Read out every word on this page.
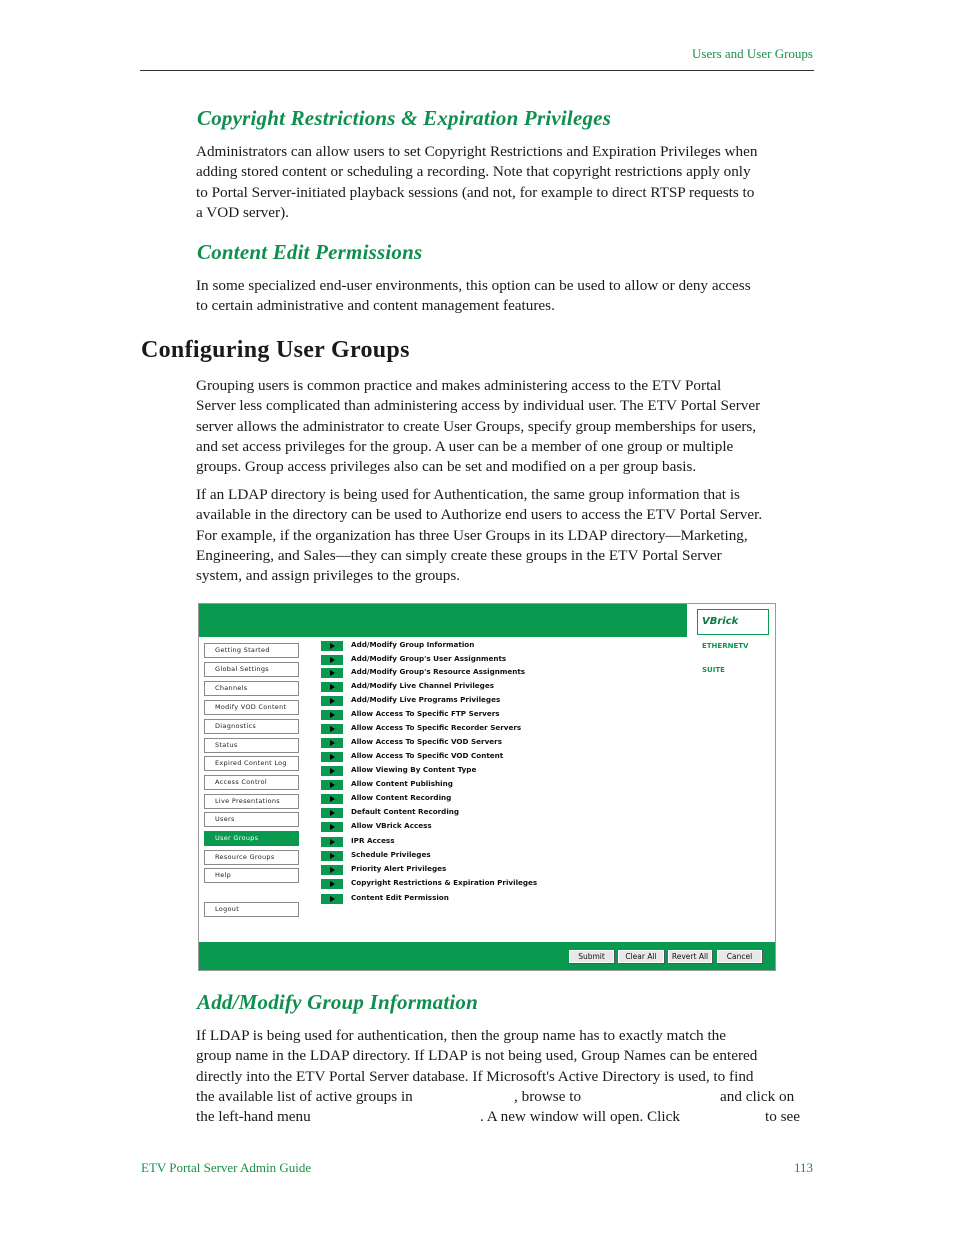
Users and User Groups
Copyright Restrictions & Expiration Privileges
Administrators can allow users to set Copyright Restrictions and Expiration Privileges when
adding stored content or scheduling a recording. Note that copyright restrictions apply only
to Portal Server-initiated playback sessions (and not, for example to direct RTSP requests to
a VOD server).
Content Edit Permissions
In some specialized end-user environments, this option can be used to allow or deny access
to certain administrative and content management features.
Configuring User Groups
Grouping users is common practice and makes administering access to the ETV Portal
Server less complicated than administering access by individual user. The ETV Portal Server
server allows the administrator to create User Groups, specify group memberships for users,
and set access privileges for the group. A user can be a member of one group or multiple
groups. Group access privileges also can be set and modified on a per group basis.
If an LDAP directory is being used for Authentication, the same group information that is
available in the directory can be used to Authorize end users to access the ETV Portal Server.
For example, if the organization has three User Groups in its LDAP directory—Marketing,
Engineering, and Sales—they can simply create these groups in the ETV Portal Server
system, and assign privileges to the groups.
VBrick ETHERNETV SUITE
Getting Started
Global Settings
Channels
Modify VOD Content
Diagnostics
Status
Expired Content Log
Access Control
Live Presentations
Users
User Groups
Resource Groups
Help
Logout
Add/Modify Group Information
Add/Modify Group's User Assignments
Add/Modify Group's Resource Assignments
Add/Modify Live Channel Privileges
Add/Modify Live Programs Privileges
Allow Access To Specific FTP Servers
Allow Access To Specific Recorder Servers
Allow Access To Specific VOD Servers
Allow Access To Specific VOD Content
Allow Viewing By Content Type
Allow Content Publishing
Allow Content Recording
Default Content Recording
Allow VBrick Access
IPR Access
Schedule Privileges
Priority Alert Privileges
Copyright Restrictions & Expiration Privileges
Content Edit Permission
Submit	Clear All	Revert All	Cancel
Add/Modify Group Information
If LDAP is being used for authentication, then the group name has to exactly match the
group name in the LDAP directory. If LDAP is not being used, Group Names can be entered
directly into the ETV Portal Server database. If Microsoft's Active Directory is used, to find
the available list of active groups in	, browse to	and click on
the left-hand menu	. A new window will open. Click	to see
ETV Portal Server Admin Guide	113
